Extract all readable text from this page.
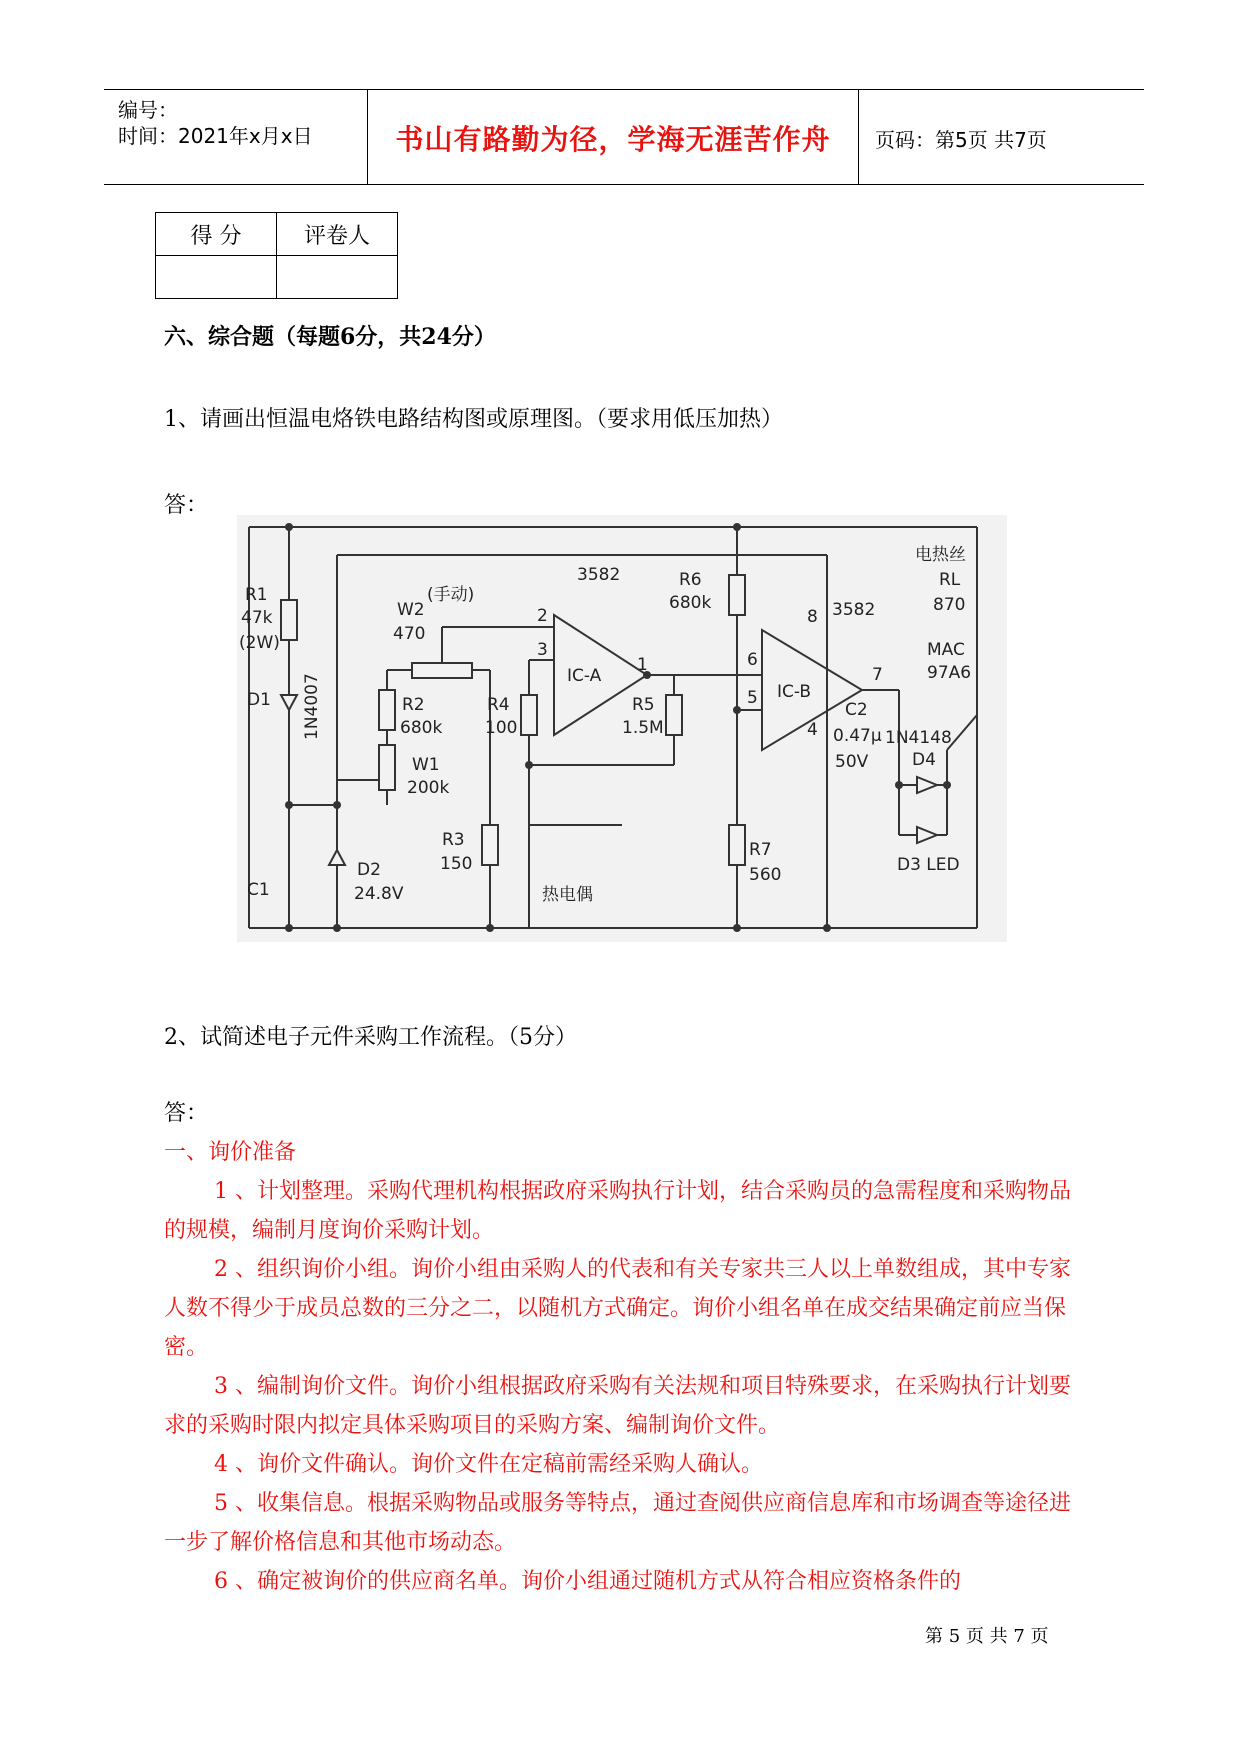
编号：
时间：2021年x月x日	书山有路勤为径，学海无涯苦作舟	页码：第5页 共7页
得 分	评卷人

六、综合题（每题6分，共24分）
1、请画出恒温电烙铁电路结构图或原理图。（要求用低压加热）
答：
R1
47k
(2W)
D1 1N4007
W2
470
(手动)
R2
680k
W1
200k
R3
150
C1
D2
24.8V
3582
IC-A
R4
100
R5
1.5M
R6
680k
R7
560
热电偶
3582
IC-B
电热丝
RL
870
MAC
97A6
C2
0.47μ
50V
1N4148
D4
D3 LED
1
2
3
4
5
6
7
8
2、试简述电子元件采购工作流程。（5分）
答：
一、询价准备
1 、计划整理。采购代理机构根据政府采购执行计划，结合采购员的急需程度和采购物品的规模，编制月度询价采购计划。
2 、组织询价小组。询价小组由采购人的代表和有关专家共三人以上单数组成，其中专家人数不得少于成员总数的三分之二，以随机方式确定。询价小组名单在成交结果确定前应当保密。
3 、编制询价文件。询价小组根据政府采购有关法规和项目特殊要求，在采购执行计划要求的采购时限内拟定具体采购项目的采购方案、编制询价文件。
4 、询价文件确认。询价文件在定稿前需经采购人确认。
5 、收集信息。根据采购物品或服务等特点，通过查阅供应商信息库和市场调查等途径进一步了解价格信息和其他市场动态。
6 、确定被询价的供应商名单。询价小组通过随机方式从符合相应资格条件的
第 5 页 共 7 页
